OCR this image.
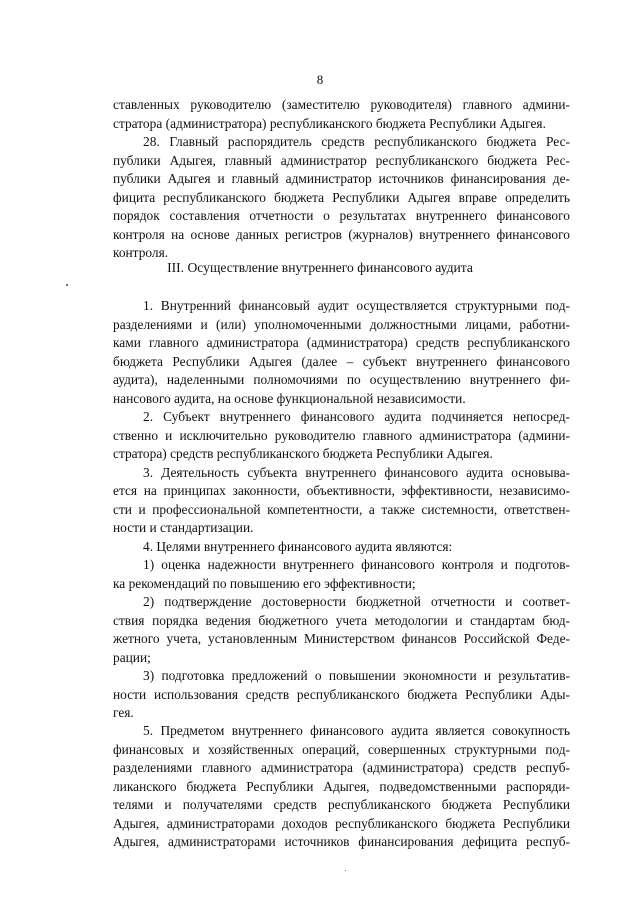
8
ставленных руководителю (заместителю руководителя) главного админи-
стратора (администратора) республиканского бюджета Республики Адыгея.
28. Главный распорядитель средств республиканского бюджета Рес-
публики Адыгея, главный администратор республиканского бюджета Рес-
публики Адыгея и главный администратор источников финансирования де-
фицита республиканского бюджета Республики Адыгея вправе определить
порядок составления отчетности о результатах внутреннего финансового
контроля на основе данных регистров (журналов) внутреннего финансового
контроля.
III. Осуществление внутреннего финансового аудита
1. Внутренний финансовый аудит осуществляется структурными под-
разделениями и (или) уполномоченными должностными лицами, работни-
ками главного администратора (администратора) средств республиканского
бюджета Республики Адыгея (далее – субъект внутреннего финансового
аудита), наделенными полномочиями по осуществлению внутреннего фи-
нансового аудита, на основе функциональной независимости.
2. Субъект внутреннего финансового аудита подчиняется непосред-
ственно и исключительно руководителю главного администратора (админи-
стратора) средств республиканского бюджета Республики Адыгея.
3. Деятельность субъекта внутреннего финансового аудита основыва-
ется на принципах законности, объективности, эффективности, независимо-
сти и профессиональной компетентности, а также системности, ответствен-
ности и стандартизации.
4. Целями внутреннего финансового аудита являются:
1) оценка надежности внутреннего финансового контроля и подготов-
ка рекомендаций по повышению его эффективности;
2) подтверждение достоверности бюджетной отчетности и соответ-
ствия порядка ведения бюджетного учета методологии и стандартам бюд-
жетного учета, установленным Министерством финансов Российской Феде-
рации;
3) подготовка предложений о повышении экономности и результатив-
ности использования средств республиканского бюджета Республики Ады-
гея.
5. Предметом внутреннего финансового аудита является совокупность
финансовых и хозяйственных операций, совершенных структурными под-
разделениями главного администратора (администратора) средств респуб-
ликанского бюджета Республики Адыгея, подведомственными распоряди-
телями и получателями средств республиканского бюджета Республики
Адыгея, администраторами доходов республиканского бюджета Республики
Адыгея, администраторами источников финансирования дефицита респуб-
